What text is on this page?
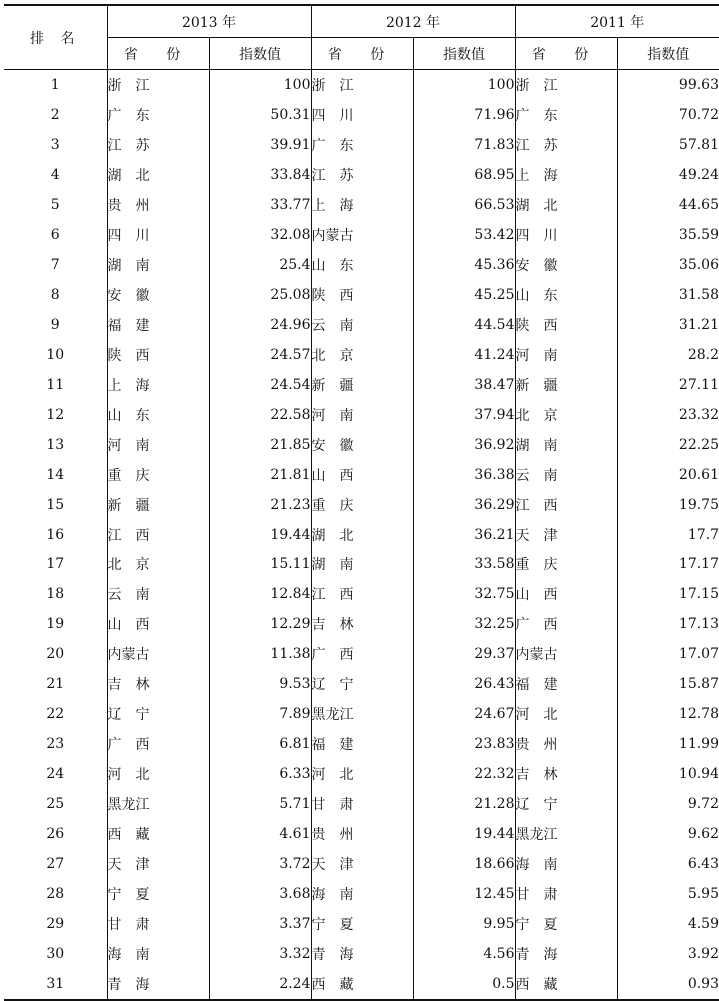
排 名	2013 年		2012 年		2011 年	
	省 份	指数值	省 份	指数值	省 份	指数值
1	浙　江	100	浙　江	100	浙　江	99.63
2	广　东	50.31	四　川	71.96	广　东	70.72
3	江　苏	39.91	广　东	71.83	江　苏	57.81
4	湖　北	33.84	江　苏	68.95	上　海	49.24
5	贵　州	33.77	上　海	66.53	湖　北	44.65
6	四　川	32.08	内蒙古	53.42	四　川	35.59
7	湖　南	25.4	山　东	45.36	安　徽	35.06
8	安　徽	25.08	陕　西	45.25	山　东	31.58
9	福　建	24.96	云　南	44.54	陕　西	31.21
10	陕　西	24.57	北　京	41.24	河　南	28.2
11	上　海	24.54	新　疆	38.47	新　疆	27.11
12	山　东	22.58	河　南	37.94	北　京	23.32
13	河　南	21.85	安　徽	36.92	湖　南	22.25
14	重　庆	21.81	山　西	36.38	云　南	20.61
15	新　疆	21.23	重　庆	36.29	江　西	19.75
16	江　西	19.44	湖　北	36.21	天　津	17.7
17	北　京	15.11	湖　南	33.58	重　庆	17.17
18	云　南	12.84	江　西	32.75	山　西	17.15
19	山　西	12.29	吉　林	32.25	广　西	17.13
20	内蒙古	11.38	广　西	29.37	内蒙古	17.07
21	吉　林	9.53	辽　宁	26.43	福　建	15.87
22	辽　宁	7.89	黑龙江	24.67	河　北	12.78
23	广　西	6.81	福　建	23.83	贵　州	11.99
24	河　北	6.33	河　北	22.32	吉　林	10.94
25	黑龙江	5.71	甘　肃	21.28	辽　宁	9.72
26	西　藏	4.61	贵　州	19.44	黑龙江	9.62
27	天　津	3.72	天　津	18.66	海　南	6.43
28	宁　夏	3.68	海　南	12.45	甘　肃	5.95
29	甘　肃	3.37	宁　夏	9.95	宁　夏	4.59
30	海　南	3.32	青　海	4.56	青　海	3.92
31	青　海	2.24	西　藏	0.5	西　藏	0.93
